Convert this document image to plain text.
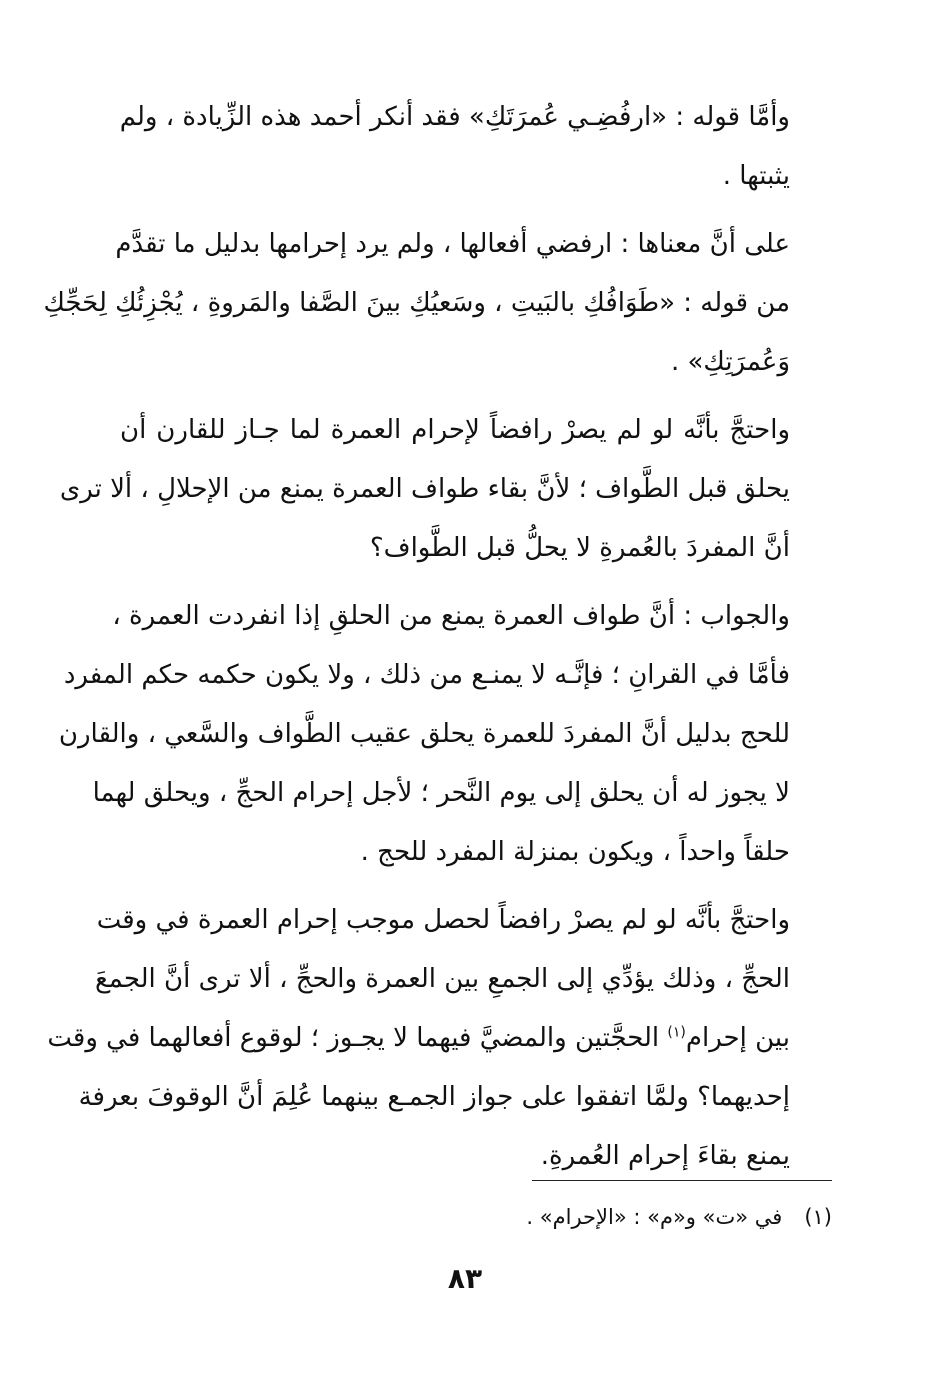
وأمَّا قوله : «ارفُضِـي عُمرَتَكِ» فقد أنكر أحمد هذه الزِّيادة ، ولم
يثبتها .

على أنَّ معناها : ارفضي أفعالها ، ولم يرد إحرامها بدليل ما تقدَّم
من قوله : «طَوَافُكِ بالبَيتِ ، وسَعيُكِ بينَ الصَّفا والمَروةِ ، يُجْزِئُكِ لِحَجِّكِ
وَعُمرَتِكِ» .

واحتجَّ بأنَّه لو لم يصرْ رافضاً لإحرام العمرة لما جـاز للقارن أن
يحلق قبل الطَّواف ؛ لأنَّ بقاء طواف العمرة يمنع من الإحلالِ ، ألا ترى
أنَّ المفردَ بالعُمرةِ لا يحلُّ قبل الطَّواف؟

والجواب : أنَّ طواف العمرة يمنع من الحلقِ إذا انفردت العمرة ،
فأمَّا في القرانِ ؛ فإنَّـه لا يمنـع من ذلك ، ولا يكون حكمه حكم المفرد
للحج بدليل أنَّ المفردَ للعمرة يحلق عقيب الطَّواف والسَّعي ، والقارن
لا يجوز له أن يحلق إلى يوم النَّحر ؛ لأجل إحرام الحجِّ ، ويحلق لهما
حلقاً واحداً ، ويكون بمنزلة المفرد للحج .

واحتجَّ بأنَّه لو لم يصرْ رافضاً لحصل موجب إحرام العمرة في وقت
الحجِّ ، وذلك يؤدِّي إلى الجمعِ بين العمرة والحجِّ ، ألا ترى أنَّ الجمعَ
بين إحرام$^{(١)}$ الحجَّتين والمضيَّ فيهما لا يجـوز ؛ لوقوع أفعالهما في وقت
إحديهما؟ ولمَّا اتفقوا على جواز الجمـع بينهما عُلِمَ أنَّ الوقوفَ بعرفة
يمنع بقاءَ إحرام العُمرةِ.

(١)في «ت» و«م» : «الإحرام» .
٨٣
